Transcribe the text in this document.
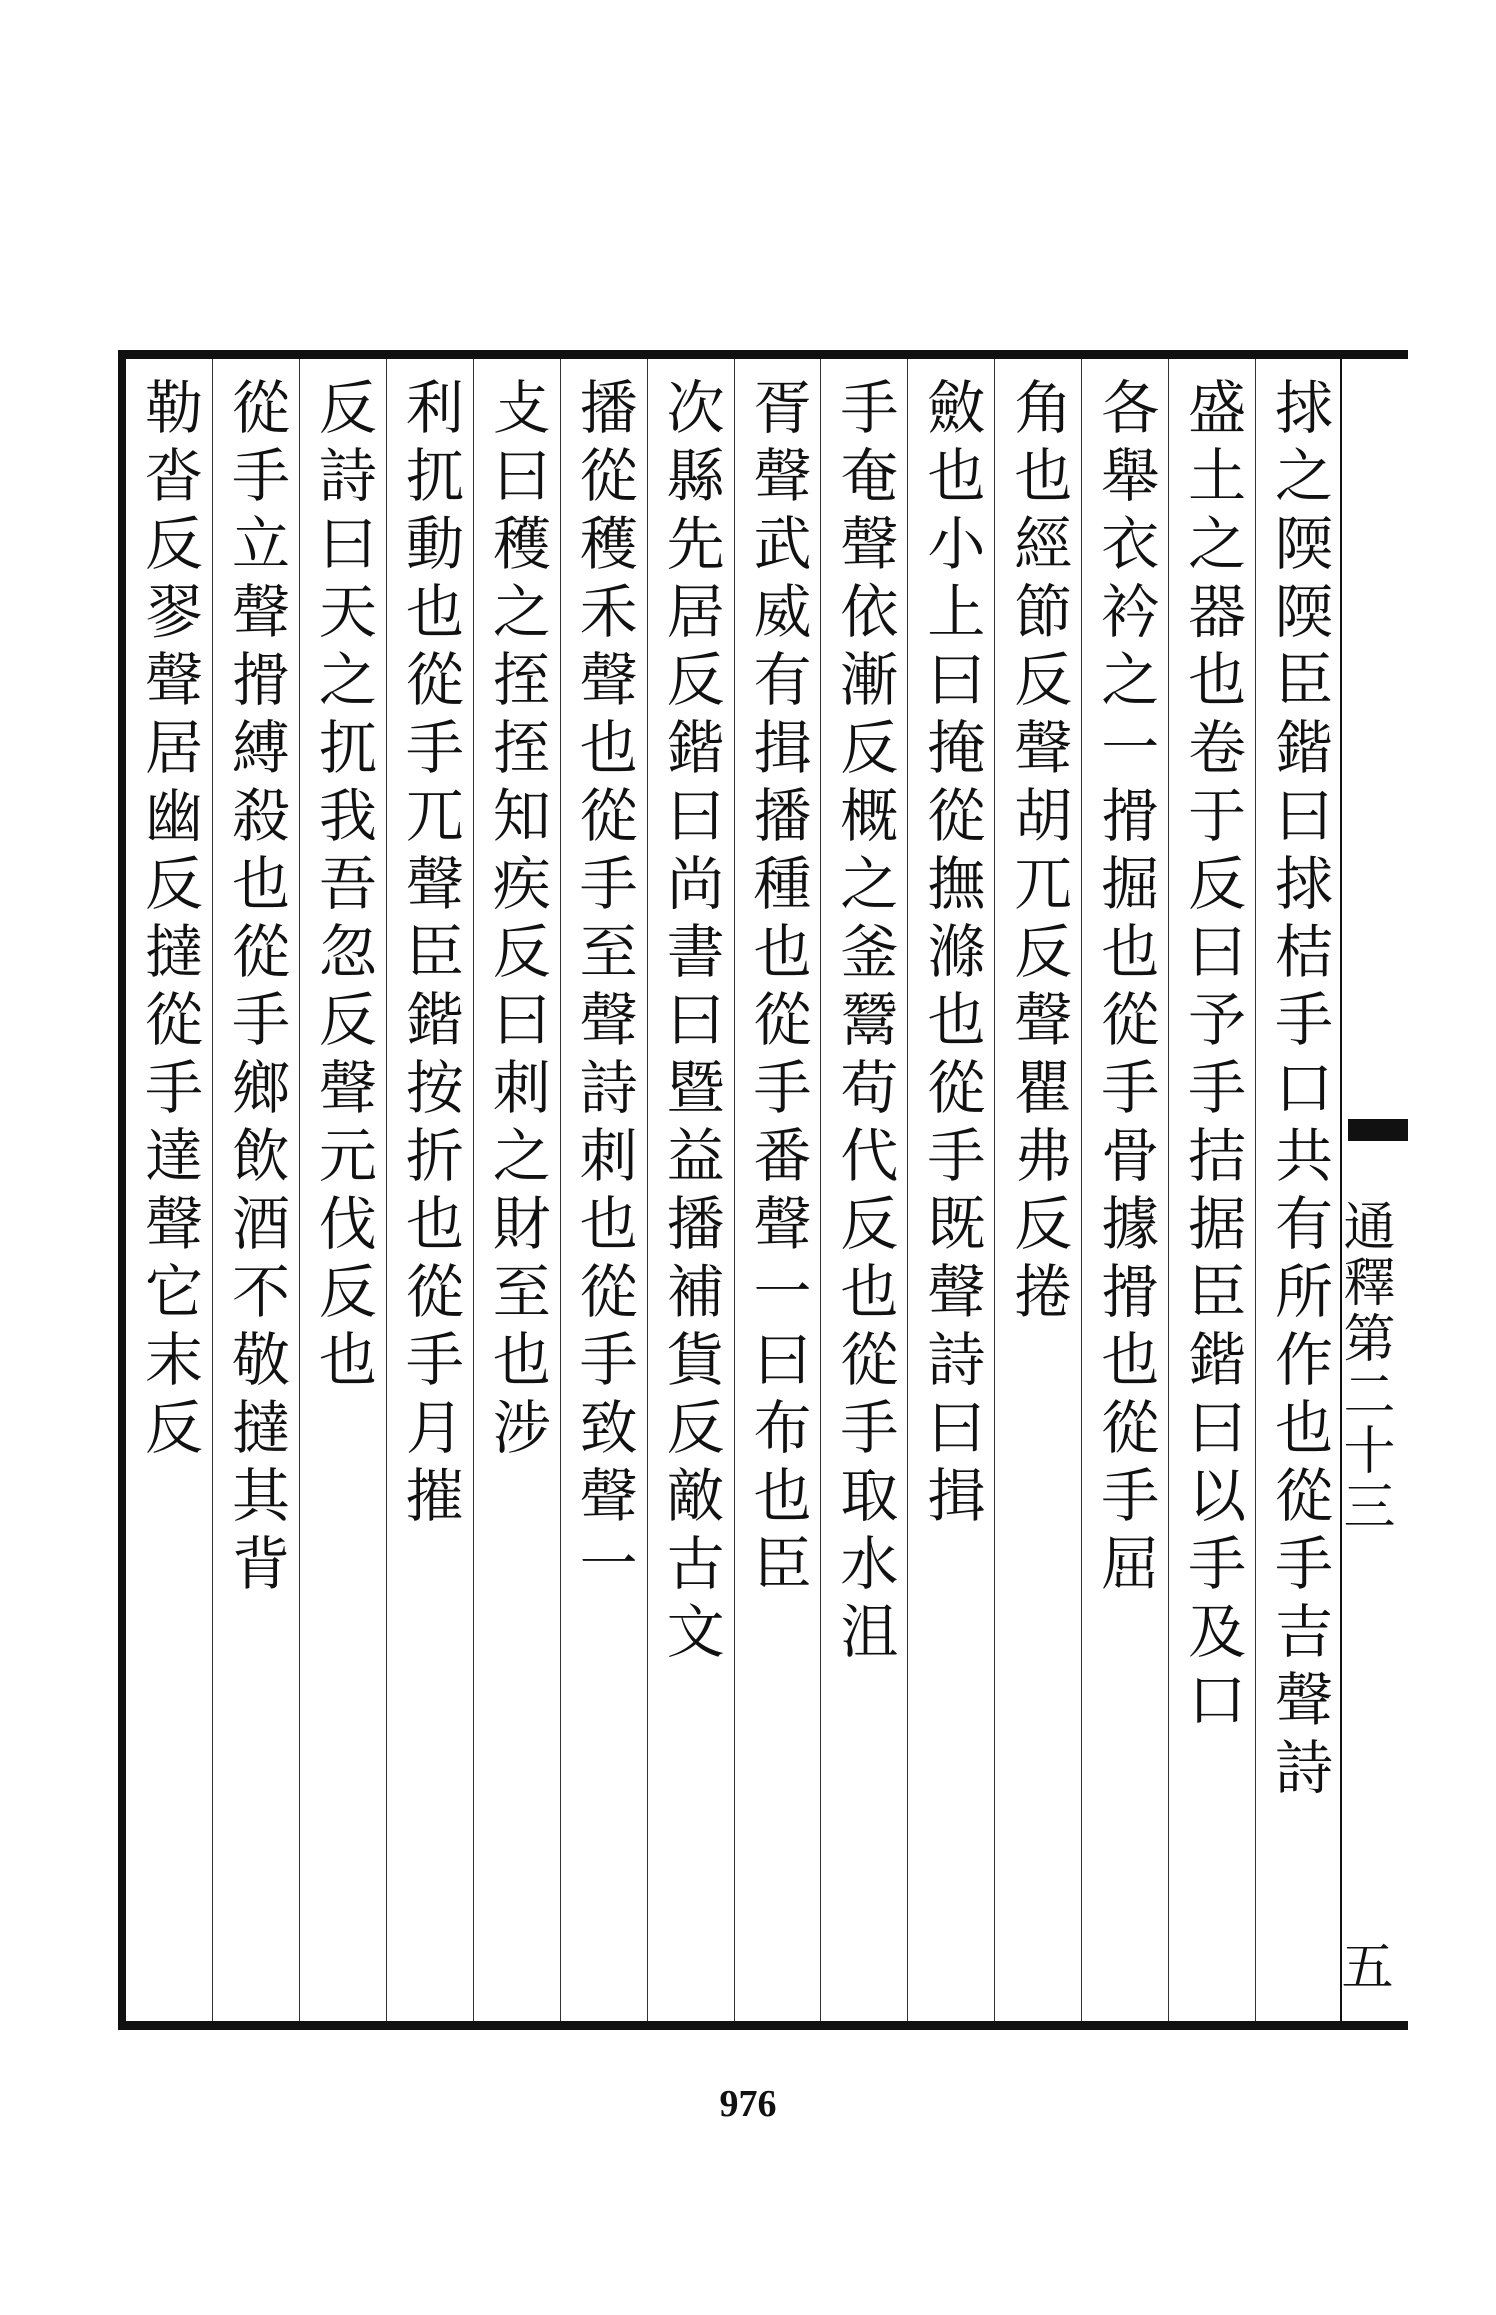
通釋第二十三
五
捄之陾陾臣鍇曰捄桔手口共有所作也從手吉聲詩
盛土之器也卷于反曰予手拮据臣鍇曰以手及口
各舉衣衿之一搰掘也從手骨據搰也從手屈
角也經節反聲胡兀反聲瞿弗反捲
斂也小上曰掩從撫滌也從手既聲詩曰揖
手奄聲依漸反概之釜鬵苟代反也從手取水沮
胥聲武威有揖播種也從手番聲一曰布也臣
次縣先居反鍇曰尚書曰暨益播補貨反敵古文
播從穫禾聲也從手至聲詩刺也從手致聲一
攴曰穫之挃挃知疾反曰刺之財至也涉
利扤動也從手兀聲臣鍇按折也從手月摧
反詩曰天之扤我吾忽反聲元伐反也
從手立聲搰縛殺也從手鄉飲酒不敬撻其背
勒沓反翏聲居幽反撻從手達聲它末反
976
